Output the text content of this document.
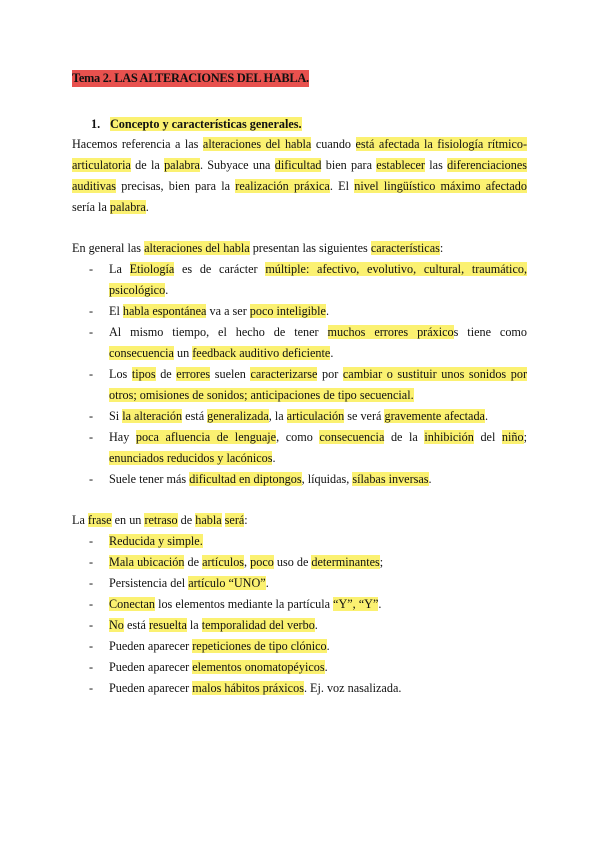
Tema 2. LAS ALTERACIONES DEL HABLA.
1. Concepto y características generales.
Hacemos referencia a las alteraciones del habla cuando está afectada la fisiología rítmico-articulatoria de la palabra. Subyace una dificultad bien para establecer las diferenciaciones auditivas precisas, bien para la realización práxica. El nivel lingüístico máximo afectado sería la palabra.
En general las alteraciones del habla presentan las siguientes características:
- La Etiología es de carácter múltiple: afectivo, evolutivo, cultural, traumático, psicológico.
- El habla espontánea va a ser poco inteligible.
- Al mismo tiempo, el hecho de tener muchos errores práxicos tiene como consecuencia un feedback auditivo deficiente.
- Los tipos de errores suelen caracterizarse por cambiar o sustituir unos sonidos por otros; omisiones de sonidos; anticipaciones de tipo secuencial.
- Si la alteración está generalizada, la articulación se verá gravemente afectada.
- Hay poca afluencia de lenguaje, como consecuencia de la inhibición del niño; enunciados reducidos y lacónicos.
- Suele tener más dificultad en diptongos, líquidas, sílabas inversas.
La frase en un retraso de habla será:
- Reducida y simple.
- Mala ubicación de artículos, poco uso de determinantes;
- Persistencia del artículo “UNO”.
- Conectan los elementos mediante la partícula “Y”, “Y”.
- No está resuelta la temporalidad del verbo.
- Pueden aparecer repeticiones de tipo clónico.
- Pueden aparecer elementos onomatopéyicos.
- Pueden aparecer malos hábitos práxicos. Ej. voz nasalizada.
